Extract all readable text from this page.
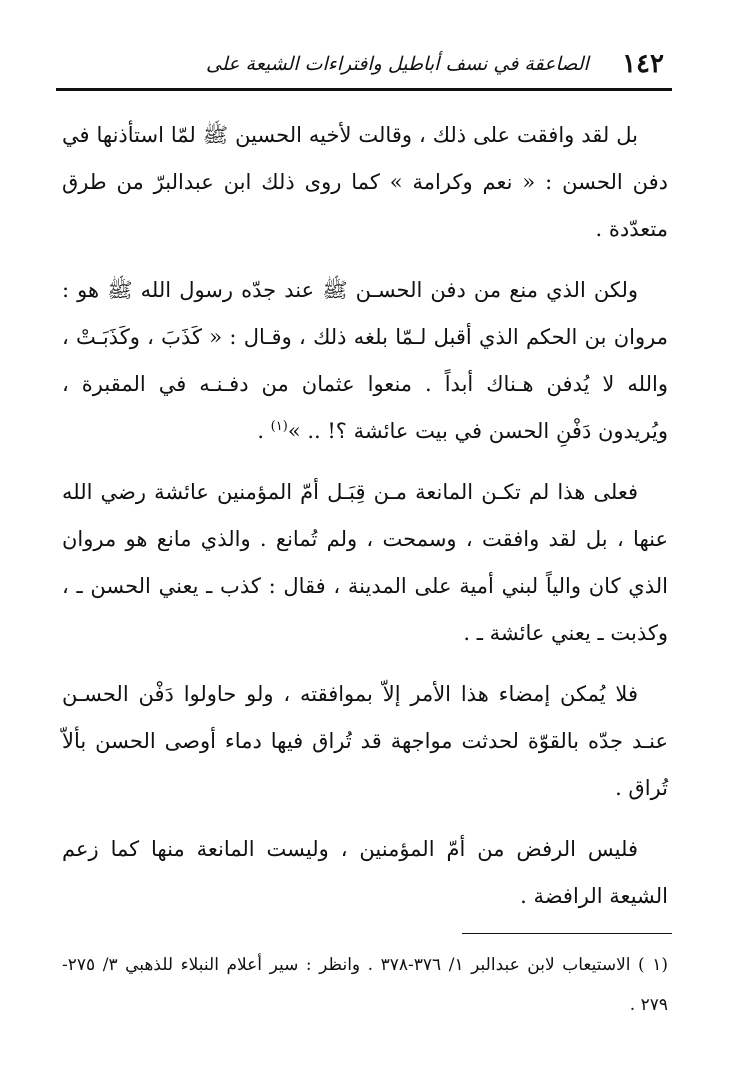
١٤٢
الصاعقة في نسف أباطيل وافتراءات الشيعة على

بل لقد وافقت على ذلك ، وقالت لأخيه الحسين ﷺ لمّا استأذنها في دفن الحسن : « نعم وكرامة » كما روى ذلك ابن عبدالبرّ من طرق متعدّدة .

ولكن الذي منع من دفن الحسـن ﷺ عند جدّه رسول الله ﷺ هو : مروان بن الحكم الذي أقبل لـمّا بلغه ذلك ، وقـال : « كَذَبَ ، وكَذَبَـتْ ، والله لا يُدفن هـناك أبداً . منعوا عثمان من دفـنـه في المقبرة ، ويُريدون دَفْنِ الحسن في بيت عائشة ؟! .. »$^{(١)}$ .

فعلى هذا لم تكـن المانعة مـن قِبَـل أمّ المؤمنين عائشة رضي الله عنها ، بل لقد وافقت ، وسمحت ، ولم تُمانع . والذي مانع هو مروان الذي كان والياً لبني أمية على المدينة ، فقال : كذب ـ يعني الحسن ـ ، وكذبت ـ يعني عائشة ـ .

فلا يُمكن إمضاء هذا الأمر إلاّ بموافقته ، ولو حاولوا دَفْن الحسـن عنـد جدّه بالقوّة لحدثت مواجهة قد تُراق فيها دماء أوصى الحسن بألاّ تُراق .

فليس الرفض من أمّ المؤمنين ، وليست المانعة منها كما زعم الشيعة الرافضة .

(١ ) الاستيعاب لابن عبدالبر ١/ ٣٧٦-٣٧٨ . وانظر : سير أعلام النبلاء للذهبي ٣/ ٢٧٥- ٢٧٩ .
